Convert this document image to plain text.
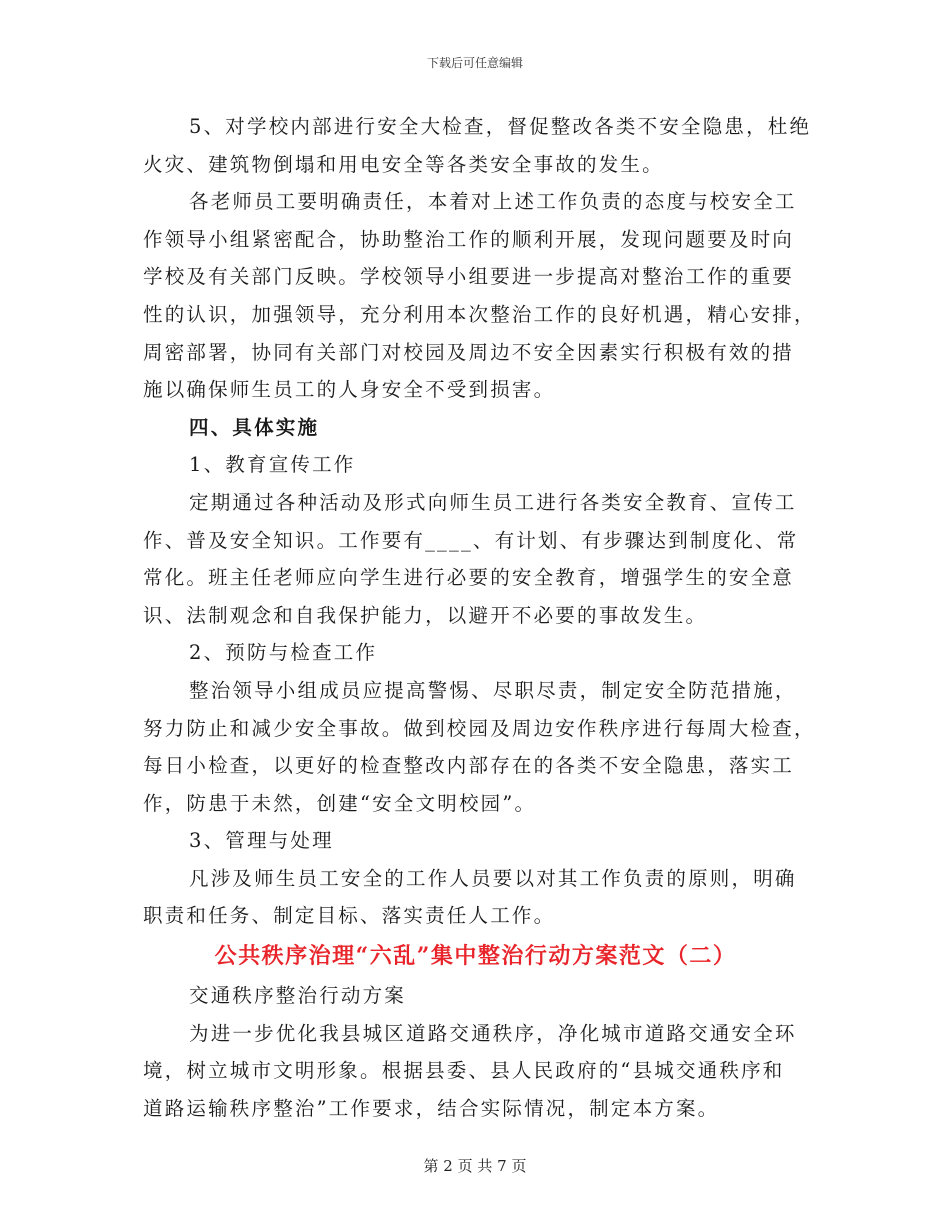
下载后可任意编辑
5、对学校内部进行安全大检查，督促整改各类不安全隐患，杜绝
火灾、建筑物倒塌和用电安全等各类安全事故的发生。
各老师员工要明确责任，本着对上述工作负责的态度与校安全工
作领导小组紧密配合，协助整治工作的顺利开展，发现问题要及时向
学校及有关部门反映。学校领导小组要进一步提高对整治工作的重要
性的认识，加强领导，充分利用本次整治工作的良好机遇，精心安排，
周密部署，协同有关部门对校园及周边不安全因素实行积极有效的措
施以确保师生员工的人身安全不受到损害。
四、具体实施
1、教育宣传工作
定期通过各种活动及形式向师生员工进行各类安全教育、宣传工
作、普及安全知识。工作要有____、有计划、有步骤达到制度化、常
常化。班主任老师应向学生进行必要的安全教育，增强学生的安全意
识、法制观念和自我保护能力，以避开不必要的事故发生。
2、预防与检查工作
整治领导小组成员应提高警惕、尽职尽责，制定安全防范措施，
努力防止和减少安全事故。做到校园及周边安作秩序进行每周大检查，
每日小检查，以更好的检查整改内部存在的各类不安全隐患，落实工
作，防患于未然，创建“安全文明校园”。
3、管理与处理
凡涉及师生员工安全的工作人员要以对其工作负责的原则，明确
职责和任务、制定目标、落实责任人工作。

公共秩序治理“六乱”集中整治行动方案范文（二）

交通秩序整治行动方案
为进一步优化我县城区道路交通秩序，净化城市道路交通安全环
境，树立城市文明形象。根据县委、县人民政府的“县城交通秩序和
道路运输秩序整治”工作要求，结合实际情况，制定本方案。
第 2 页 共 7 页
